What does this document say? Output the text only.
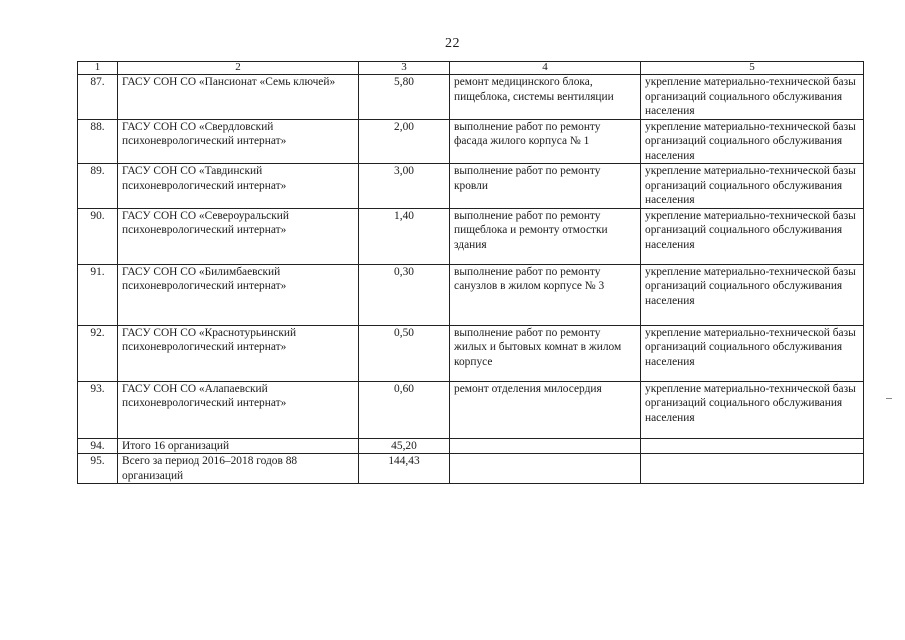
22
1	2	3	4	5
87.	ГАСУ СОН СО «Пансионат «Семь ключей»	5,80	ремонт медицинского блока, пищеблока, системы вентиляции	укрепление материально-технической базы организаций социального обслуживания населения
88.	ГАСУ СОН СО «Свердловский психоневрологический интернат»	2,00	выполнение работ по ремонту фасада жилого корпуса № 1	укрепление материально-технической базы организаций социального обслуживания населения
89.	ГАСУ СОН СО «Тавдинский психоневрологический интернат»	3,00	выполнение работ по ремонту кровли	укрепление материально-технической базы организаций социального обслуживания населения
90.	ГАСУ СОН СО «Североуральский психоневрологический интернат»	1,40	выполнение работ по ремонту пищеблока и ремонту отмостки здания	укрепление материально-технической базы организаций социального обслуживания населения
91.	ГАСУ СОН СО «Билимбаевский психоневрологический интернат»	0,30	выполнение работ по ремонту санузлов в жилом корпусе № 3	укрепление материально-технической базы организаций социального обслуживания населения
92.	ГАСУ СОН СО «Краснотурьинский психоневрологический интернат»	0,50	выполнение работ по ремонту жилых и бытовых комнат в жилом корпусе	укрепление материально-технической базы организаций социального обслуживания населения
93.	ГАСУ СОН СО «Алапаевский психоневрологический интернат»	0,60	ремонт отделения милосердия	укрепление материально-технической базы организаций социального обслуживания населения
94.	Итого 16 организаций	45,20		
95.	Всего за период 2016–2018 годов 88 организаций	144,43		
